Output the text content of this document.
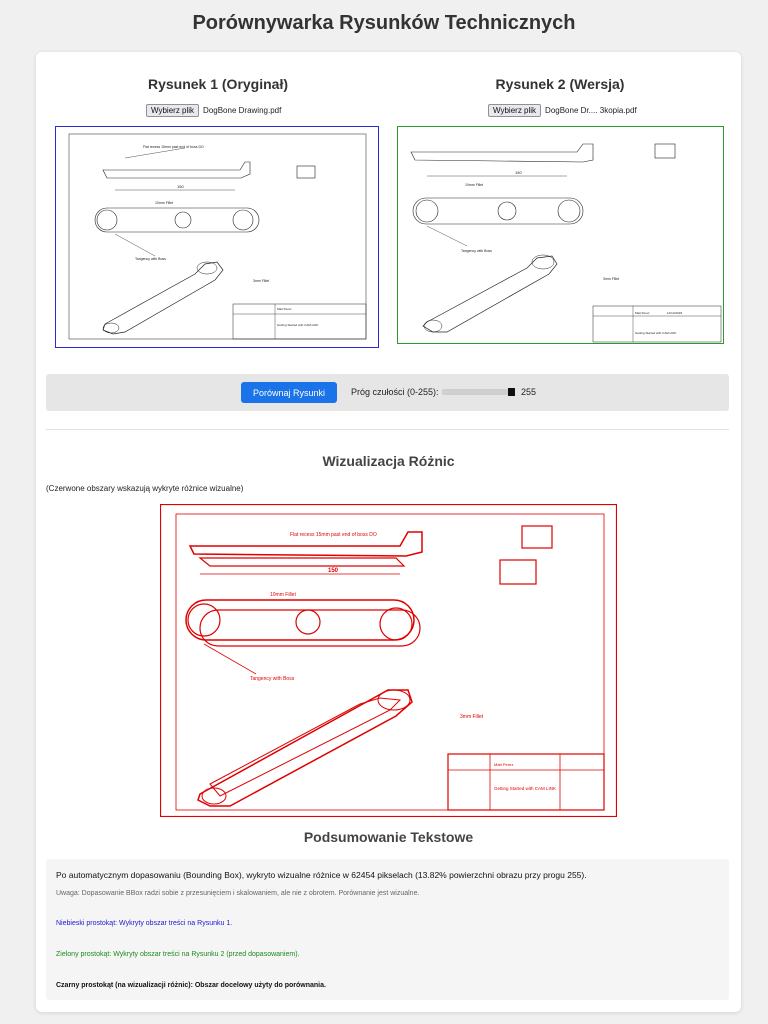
Porównywarka Rysunków Technicznych
Rysunek 1 (Oryginał)
Wybierz plik	DogBone Drawing.pdf
Flat recess 15mm past end of boss DO
150
10mm Fillet
Tangency with Boss
3mm Fillet
Matt Perez
Getting Started with CAM LINK
Rysunek 2 (Wersja)
Wybierz plik	DogBone Dr.... 3kopia.pdf
150
10mm Fillet
Tangency with Boss
3mm Fillet
Matt Perez	12/14/2018
Getting Started with CAM LINK
Porównaj Rysunki	Próg czułości (0-255):	255
Wizualizacja Różnic
(Czerwone obszary wskazują wykryte różnice wizualne)
Flat recess 15mm past end of boss DO
150
10mm Fillet
Tangency with Boss
3mm Fillet
Matt Perez
Getting Started with CAM LINK
Podsumowanie Tekstowe
Po automatycznym dopasowaniu (Bounding Box), wykryto wizualne różnice w 62454 pikselach (13.82% powierzchni obrazu przy progu 255).
Uwaga: Dopasowanie BBox radzi sobie z przesunięciem i skalowaniem, ale nie z obrotem. Porównanie jest wizualne.
Niebieski prostokąt: Wykryty obszar treści na Rysunku 1.
Zielony prostokąt: Wykryty obszar treści na Rysunku 2 (przed dopasowaniem).
Czarny prostokąt (na wizualizacji różnic): Obszar docelowy użyty do porównania.
